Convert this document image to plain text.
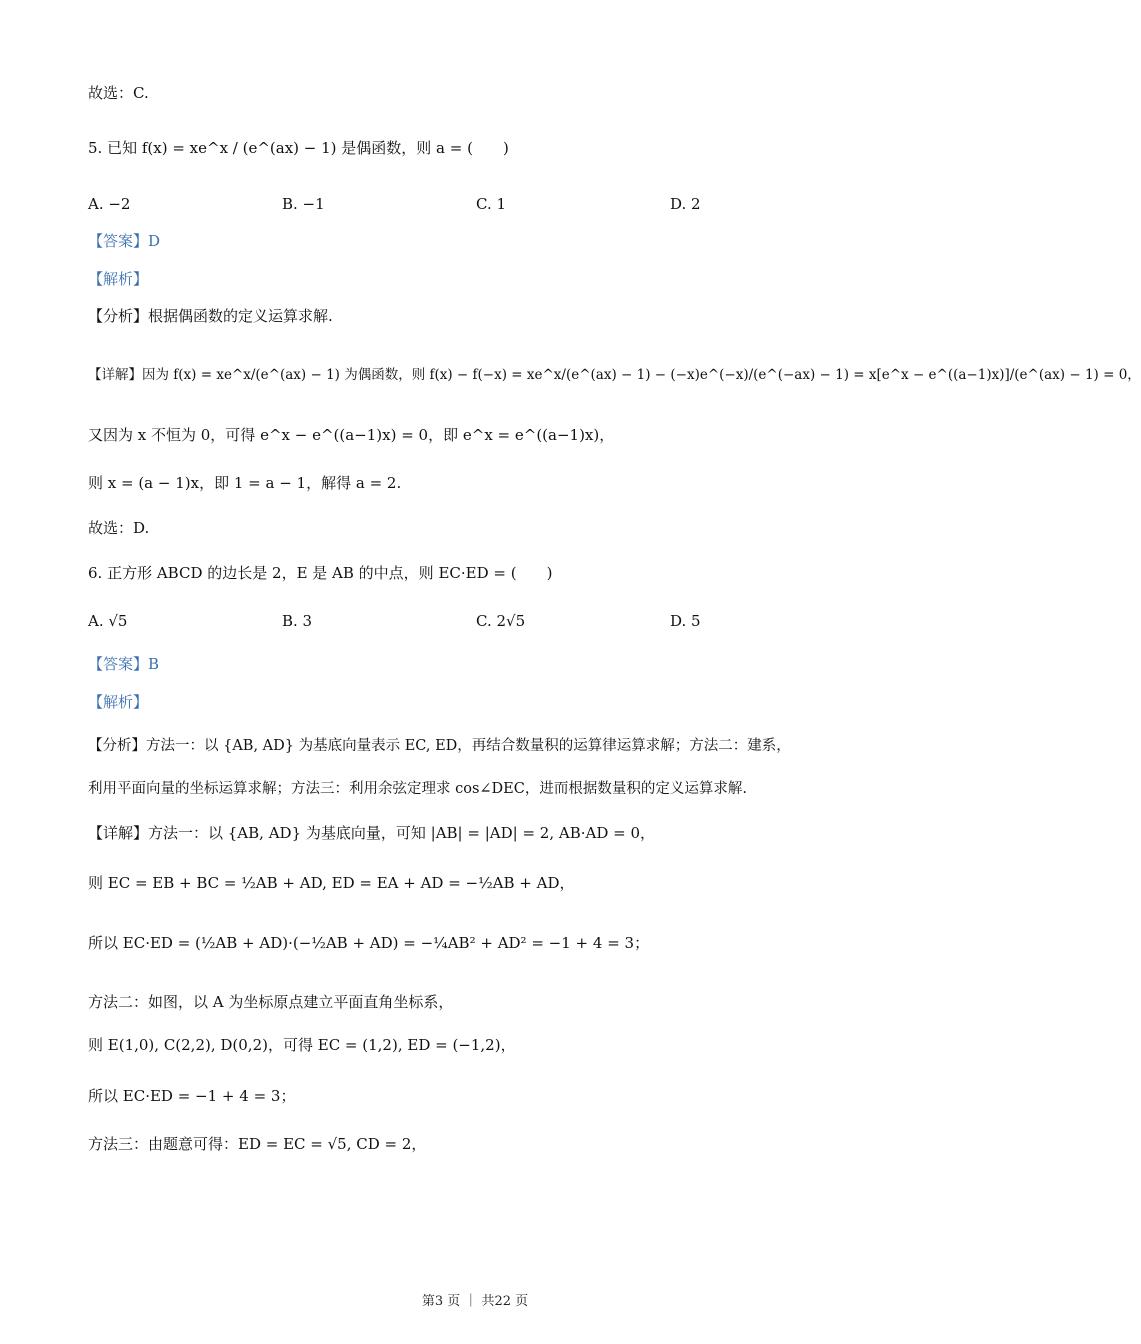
故选：C.
5. 已知 f(x) = xe^x / (e^(ax) − 1) 是偶函数，则 a = (　　)
A. −2	B. −1	C. 1	D. 2
【答案】D
【解析】
【分析】根据偶函数的定义运算求解.
【详解】因为 f(x) = xe^x/(e^(ax) − 1) 为偶函数，则 f(x) − f(−x) = xe^x/(e^(ax) − 1) − (−x)e^(−x)/(e^(−ax) − 1) = x[e^x − e^((a−1)x)]/(e^(ax) − 1) = 0，
又因为 x 不恒为 0，可得 e^x − e^((a−1)x) = 0，即 e^x = e^((a−1)x)，
则 x = (a − 1)x，即 1 = a − 1，解得 a = 2.
故选：D.
6. 正方形 ABCD 的边长是 2，E 是 AB 的中点，则 EC·ED = (　　)
A. √5	B. 3	C. 2√5	D. 5
【答案】B
【解析】
【分析】方法一：以 {AB, AD} 为基底向量表示 EC, ED，再结合数量积的运算律运算求解；方法二：建系，
利用平面向量的坐标运算求解；方法三：利用余弦定理求 cos∠DEC，进而根据数量积的定义运算求解.
【详解】方法一：以 {AB, AD} 为基底向量，可知 |AB| = |AD| = 2, AB·AD = 0，
则 EC = EB + BC = ½AB + AD, ED = EA + AD = −½AB + AD，
所以 EC·ED = (½AB + AD)·(−½AB + AD) = −¼AB² + AD² = −1 + 4 = 3；
方法二：如图，以 A 为坐标原点建立平面直角坐标系，
则 E(1,0), C(2,2), D(0,2)，可得 EC = (1,2), ED = (−1,2)，
所以 EC·ED = −1 + 4 = 3；
方法三：由题意可得：ED = EC = √5, CD = 2，
第3 页 ｜ 共22 页
